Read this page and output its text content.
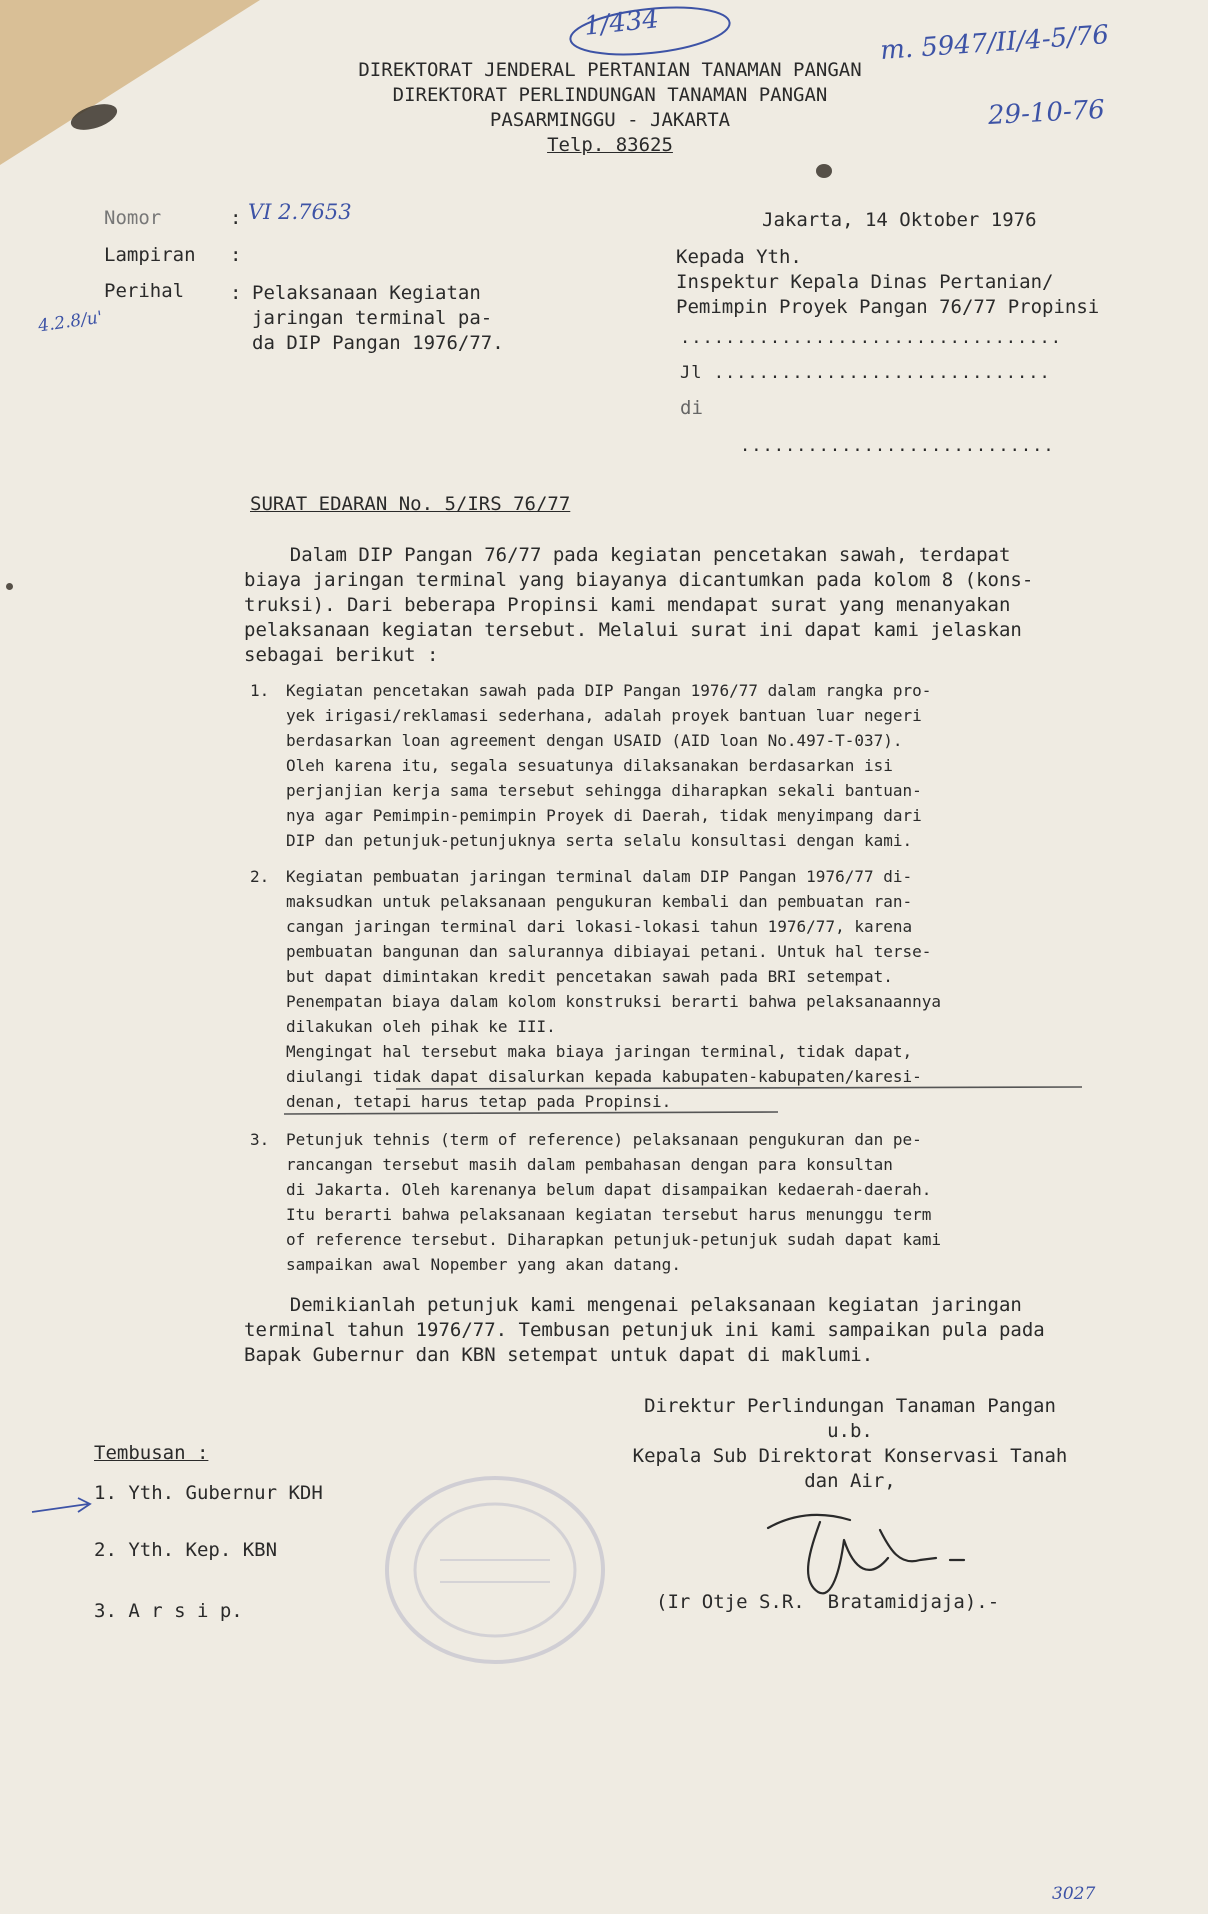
1/434	m. 5947/II/4-5/76
29-10-76
4.2.8/u'
3027
DIREKTORAT JENDERAL PERTANIAN TANAMAN PANGAN
DIREKTORAT PERLINDUNGAN TANAMAN PANGAN
PASARMINGGU - JAKARTA
Telp. 83625
Nomor	: VI 2.7653
Lampiran :
Perihal : Pelaksanaan Kegiatan
jaringan terminal pa-
da DIP Pangan 1976/77.
Jakarta, 14 Oktober 1976
Kepada Yth.
Inspektur Kepala Dinas Pertanian/
Pemimpin Proyek Pangan 76/77 Propinsi
..................................
Jl ..............................
di
............................
SURAT EDARAN No. 5/IRS 76/77
Dalam DIP Pangan 76/77 pada kegiatan pencetakan sawah, terdapat
biaya jaringan terminal yang biayanya dicantumkan pada kolom 8 (kons-
truksi). Dari beberapa Propinsi kami mendapat surat yang menanyakan
pelaksanaan kegiatan tersebut. Melalui surat ini dapat kami jelaskan
sebagai berikut :
1. Kegiatan pencetakan sawah pada DIP Pangan 1976/77 dalam rangka pro-
yek irigasi/reklamasi sederhana, adalah proyek bantuan luar negeri
berdasarkan loan agreement dengan USAID (AID loan No.497-T-037).
Oleh karena itu, segala sesuatunya dilaksanakan berdasarkan isi
perjanjian kerja sama tersebut sehingga diharapkan sekali bantuan-
nya agar Pemimpin-pemimpin Proyek di Daerah, tidak menyimpang dari
DIP dan petunjuk-petunjuknya serta selalu konsultasi dengan kami.
2. Kegiatan pembuatan jaringan terminal dalam DIP Pangan 1976/77 di-
maksudkan untuk pelaksanaan pengukuran kembali dan pembuatan ran-
cangan jaringan terminal dari lokasi-lokasi tahun 1976/77, karena
pembuatan bangunan dan salurannya dibiayai petani. Untuk hal terse-
but dapat dimintakan kredit pencetakan sawah pada BRI setempat.
Penempatan biaya dalam kolom konstruksi berarti bahwa pelaksanaannya
dilakukan oleh pihak ke III.
Mengingat hal tersebut maka biaya jaringan terminal, tidak dapat,
diulangi tidak dapat disalurkan kepada kabupaten-kabupaten/karesi-
denan, tetapi harus tetap pada Propinsi.
3. Petunjuk tehnis (term of reference) pelaksanaan pengukuran dan pe-
rancangan tersebut masih dalam pembahasan dengan para konsultan
di Jakarta. Oleh karenanya belum dapat disampaikan kedaerah-daerah.
Itu berarti bahwa pelaksanaan kegiatan tersebut harus menunggu term
of reference tersebut. Diharapkan petunjuk-petunjuk sudah dapat kami
sampaikan awal Nopember yang akan datang.
Demikianlah petunjuk kami mengenai pelaksanaan kegiatan jaringan
terminal tahun 1976/77. Tembusan petunjuk ini kami sampaikan pula pada
Bapak Gubernur dan KBN setempat untuk dapat di maklumi.
Direktur Perlindungan Tanaman Pangan
u.b.
Kepala Sub Direktorat Konservasi Tanah
dan Air,
(Ir Otje S.R.  Bratamidjaja).-
Tembusan :
1. Yth. Gubernur KDH
2. Yth. Kep. KBN
3. A r s i p.
